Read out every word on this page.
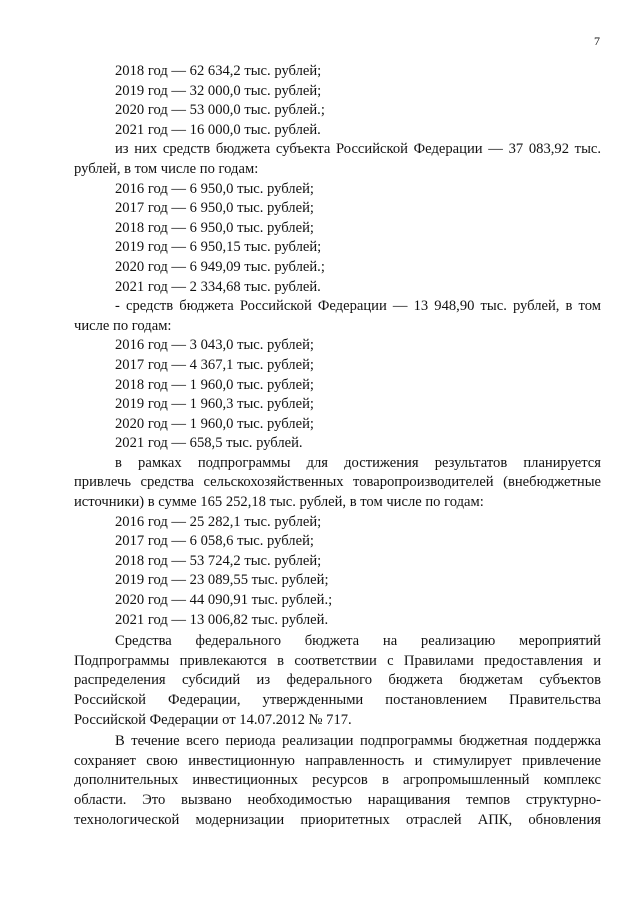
7
2018 год — 62 634,2 тыс. рублей;
2019 год — 32 000,0 тыс. рублей;
2020 год — 53 000,0 тыс. рублей.;
2021 год — 16 000,0 тыс. рублей.
из них средств бюджета субъекта Российской Федерации — 37 083,92 тыс.
рублей, в том числе по годам:
2016 год — 6 950,0 тыс. рублей;
2017 год — 6 950,0 тыс. рублей;
2018 год — 6 950,0 тыс. рублей;
2019 год — 6 950,15 тыс. рублей;
2020 год — 6 949,09 тыс. рублей.;
2021 год — 2 334,68 тыс. рублей.
- средств бюджета Российской Федерации — 13 948,90 тыс. рублей, в том
числе по годам:
2016 год — 3 043,0 тыс. рублей;
2017 год — 4 367,1 тыс. рублей;
2018 год — 1 960,0 тыс. рублей;
2019 год — 1 960,3 тыс. рублей;
2020 год — 1 960,0 тыс. рублей;
2021 год — 658,5 тыс. рублей.
в рамках подпрограммы для достижения результатов планируется
привлечь средства сельскохозяйственных товаропроизводителей (внебюджетные
источники) в сумме 165 252,18 тыс. рублей, в том числе по годам:
2016 год — 25 282,1 тыс. рублей;
2017 год — 6 058,6 тыс. рублей;
2018 год — 53 724,2 тыс. рублей;
2019 год — 23 089,55 тыс. рублей;
2020 год — 44 090,91 тыс. рублей.;
2021 год — 13 006,82 тыс. рублей.
Средства федерального бюджета на реализацию мероприятий
Подпрограммы привлекаются в соответствии с Правилами предоставления и
распределения субсидий из федерального бюджета бюджетам субъектов
Российской Федерации, утвержденными постановлением Правительства
Российской Федерации от 14.07.2012 № 717.
В течение всего периода реализации подпрограммы бюджетная поддержка
сохраняет свою инвестиционную направленность и стимулирует привлечение
дополнительных инвестиционных ресурсов в агропромышленный комплекс
области. Это вызвано необходимостью наращивания темпов структурно-
технологической модернизации приоритетных отраслей АПК, обновления
